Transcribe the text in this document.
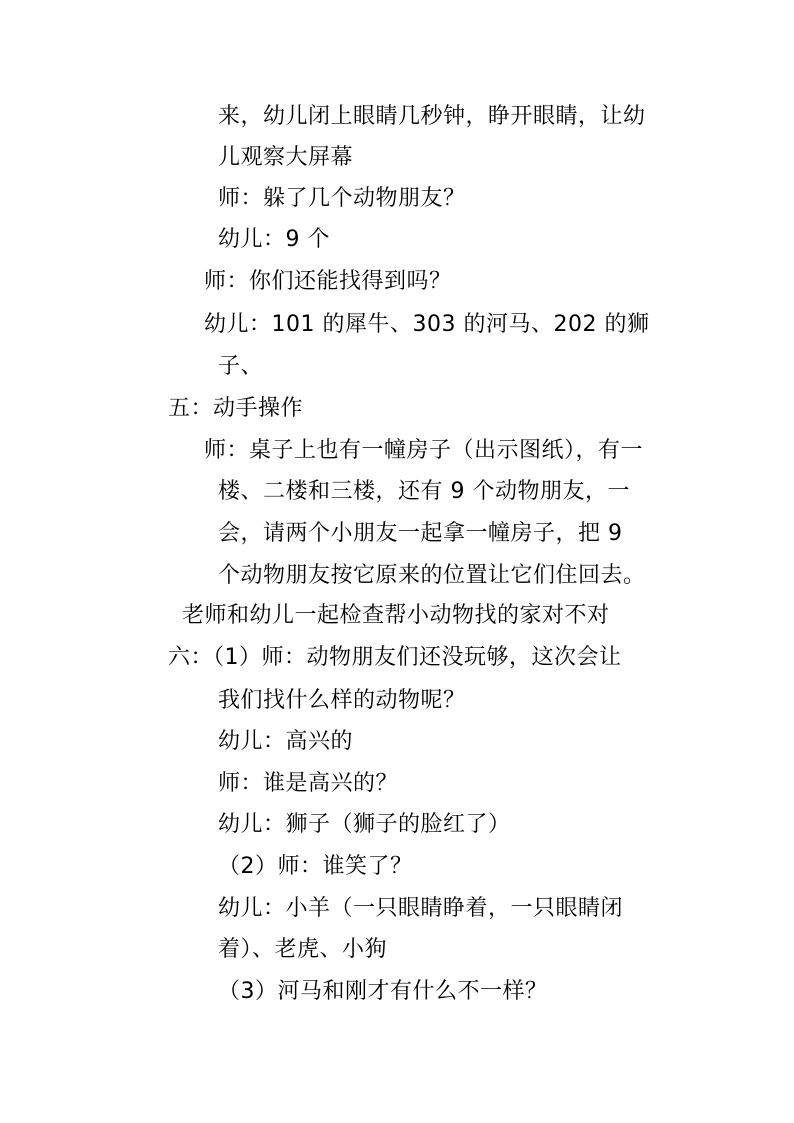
来，幼儿闭上眼睛几秒钟，睁开眼睛，让幼
儿观察大屏幕
师：躲了几个动物朋友？
幼儿：9 个
师：你们还能找得到吗？
幼儿：101 的犀牛、303 的河马、202 的狮
子、
五：动手操作
师：桌子上也有一幢房子（出示图纸），有一
楼、二楼和三楼，还有 9 个动物朋友，一
会，请两个小朋友一起拿一幢房子，把 9
个动物朋友按它原来的位置让它们住回去。
老师和幼儿一起检查帮小动物找的家对不对
六：（1）师：动物朋友们还没玩够，这次会让
我们找什么样的动物呢？
幼儿：高兴的
师：谁是高兴的？
幼儿：狮子（狮子的脸红了）
（2）师：谁笑了？
幼儿：小羊（一只眼睛睁着，一只眼睛闭
着）、老虎、小狗
（3）河马和刚才有什么不一样？
